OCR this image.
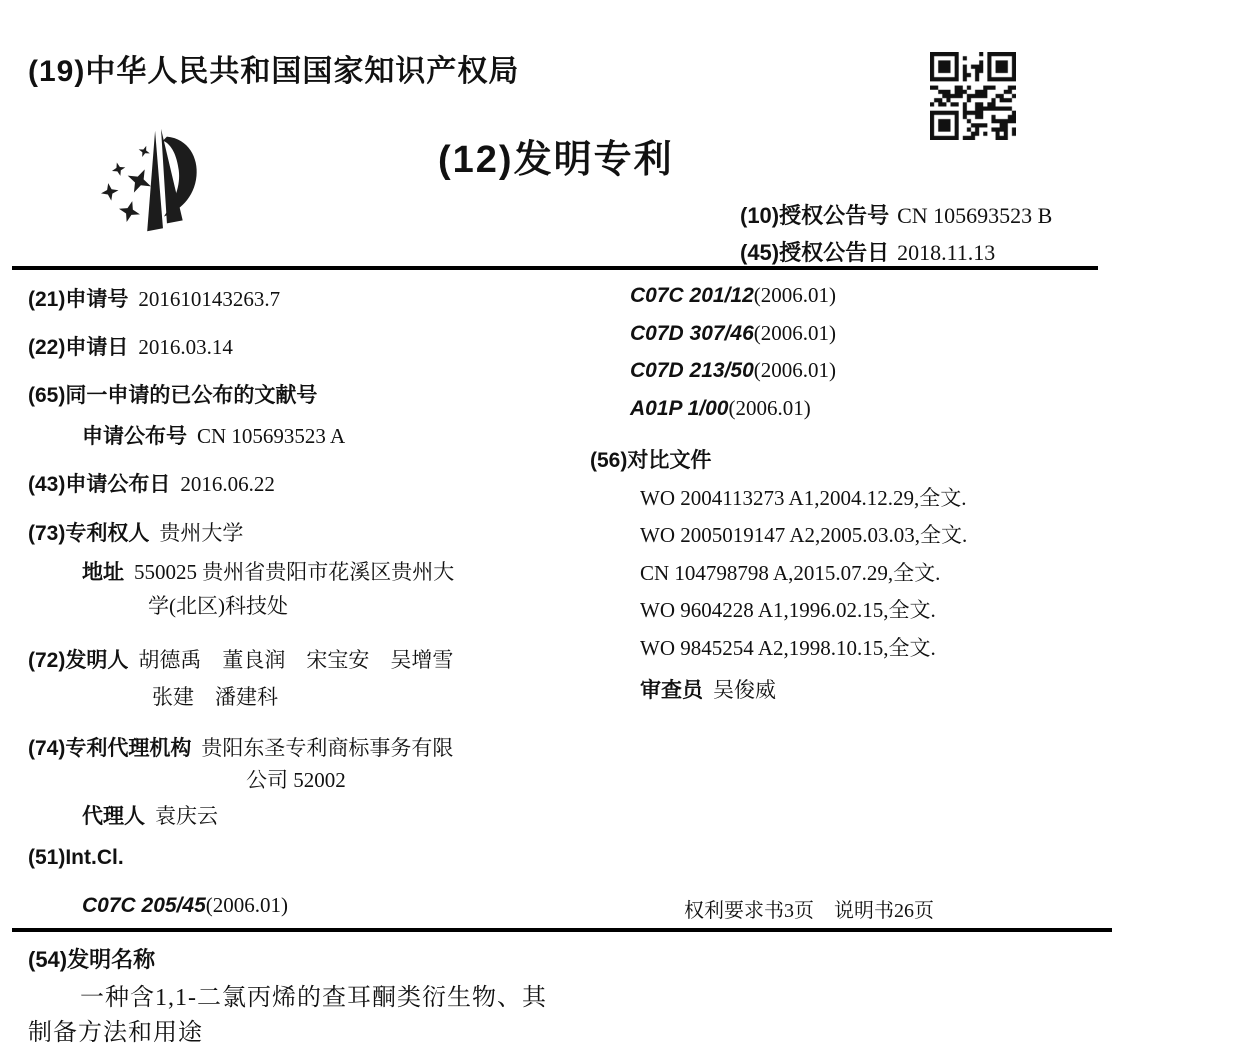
(19)中华人民共和国国家知识产权局
(12)发明专利
(10)授权公告号 CN 105693523 B
(45)授权公告日 2018.11.13
(21)申请号 201610143263.7
(22)申请日 2016.03.14
(65)同一申请的已公布的文献号
申请公布号 CN 105693523 A
(43)申请公布日 2016.06.22
(73)专利权人 贵州大学
地址 550025 贵州省贵阳市花溪区贵州大
学(北区)科技处
(72)发明人 胡德禹　董良润　宋宝安　吴增雪
张建　潘建科
(74)专利代理机构 贵阳东圣专利商标事务有限
公司 52002
代理人 袁庆云
(51)Int.Cl.
C07C 205/45(2006.01)
C07C 201/12(2006.01)
C07D 307/46(2006.01)
C07D 213/50(2006.01)
A01P 1/00(2006.01)
(56)对比文件
WO 2004113273 A1,2004.12.29,全文.
WO 2005019147 A2,2005.03.03,全文.
CN 104798798 A,2015.07.29,全文.
WO 9604228 A1,1996.02.15,全文.
WO 9845254 A2,1998.10.15,全文.
审查员 吴俊威
权利要求书3页　说明书26页
(54)发明名称
一种含1,1-二氯丙烯的查耳酮类衍生物、其
制备方法和用途
